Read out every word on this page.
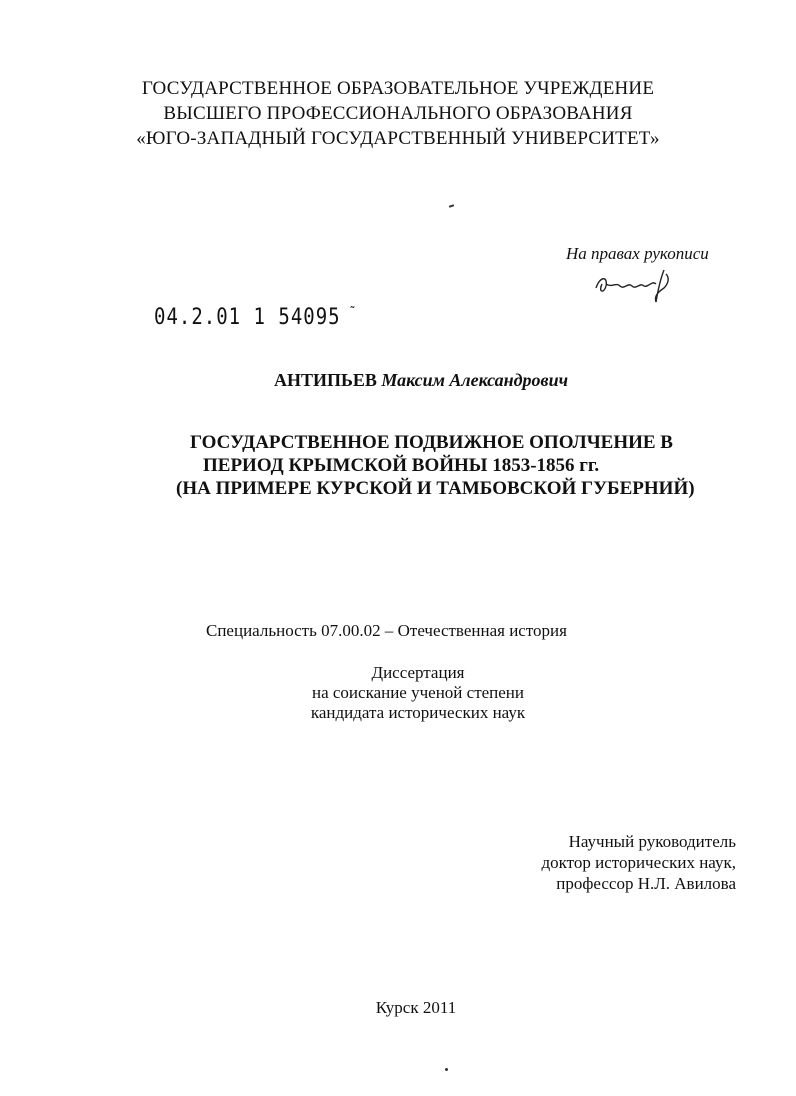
ГОСУДАРСТВЕННОЕ ОБРАЗОВАТЕЛЬНОЕ УЧРЕЖДЕНИЕ
ВЫСШЕГО ПРОФЕССИОНАЛЬНОГО ОБРАЗОВАНИЯ
«ЮГО-ЗАПАДНЫЙ ГОСУДАРСТВЕННЫЙ УНИВЕРСИТЕТ»
На правах рукописи
04.2.01 1 54095 ˜
АНТИПЬЕВ Максим Александрович
ГОСУДАРСТВЕННОЕ ПОДВИЖНОЕ ОПОЛЧЕНИЕ В
ПЕРИОД КРЫМСКОЙ ВОЙНЫ 1853-1856 гг.
(НА ПРИМЕРЕ КУРСКОЙ И ТАМБОВСКОЙ ГУБЕРНИЙ)
Специальность 07.00.02 – Отечественная история
Диссертация
на соискание ученой степени
кандидата исторических наук
Научный руководитель
доктор исторических наук,
профессор Н.Л. Авилова
Курск 2011
